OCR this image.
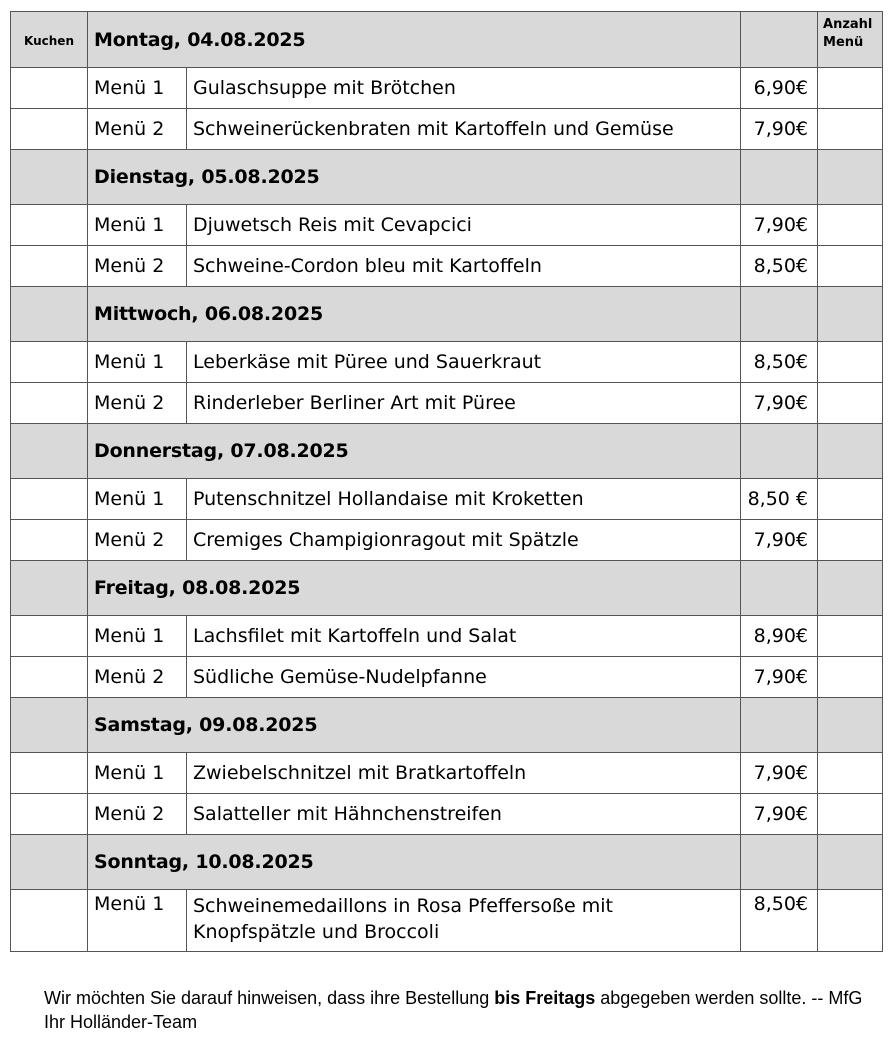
Kuchen	Montag, 04.08.2025			Anzahl
Menü
	Menü 1	Gulaschsuppe mit Brötchen	6,90€	
	Menü 2	Schweinerückenbraten mit Kartoffeln und Gemüse	7,90€	
	Dienstag, 05.08.2025			
	Menü 1	Djuwetsch Reis mit Cevapcici	7,90€	
	Menü 2	Schweine-Cordon bleu mit Kartoffeln	8,50€	
	Mittwoch, 06.08.2025			
	Menü 1	Leberkäse mit Püree und Sauerkraut	8,50€	
	Menü 2	Rinderleber Berliner Art mit Püree	7,90€	
	Donnerstag, 07.08.2025			
	Menü 1	Putenschnitzel Hollandaise mit Kroketten	8,50 €	
	Menü 2	Cremiges Champigionragout mit Spätzle	7,90€	
	Freitag, 08.08.2025			
	Menü 1	Lachsfilet mit Kartoffeln und Salat	8,90€	
	Menü 2	Südliche Gemüse-Nudelpfanne	7,90€	
	Samstag, 09.08.2025			
	Menü 1	Zwiebelschnitzel mit Bratkartoffeln	7,90€	
	Menü 2	Salatteller mit Hähnchenstreifen	7,90€	
	Sonntag, 10.08.2025			
	Menü 1	Schweinemedaillons in Rosa Pfeffersoße mit Knopfspätzle und Broccoli	8,50€	
Wir möchten Sie darauf hinweisen, dass ihre Bestellung bis Freitags abgegeben werden sollte. -- MfG Ihr Holländer-Team
